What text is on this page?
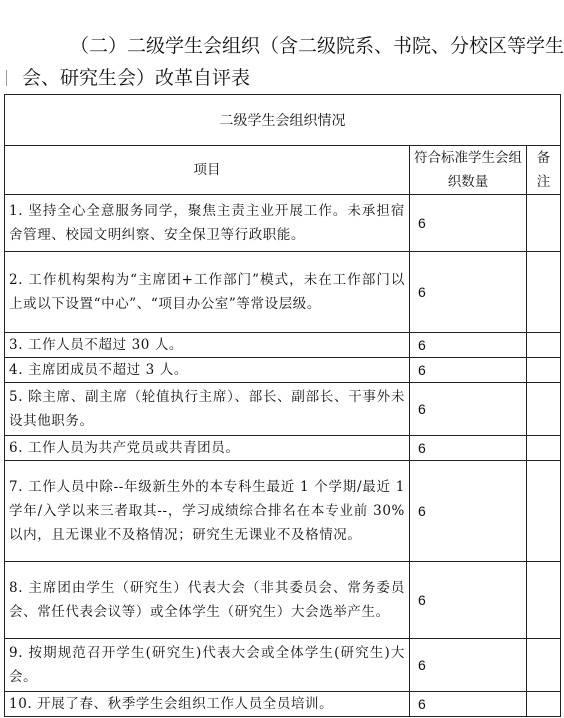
（二）二级学生会组织（含二级院系、书院、分校区等学生
会、研究生会）改革自评表
二级学生会组织情况		
项目	符合标准学生会组织数量	备注
1. 坚持全心全意服务同学，聚焦主责主业开展工作。未承担宿舍管理、校园文明纠察、安全保卫等行政职能。	6	
2. 工作机构架构为“主席团+工作部门”模式，未在工作部门以上或以下设置“中心”、“项目办公室”等常设层级。	6	
3. 工作人员不超过 30 人。	6	
4. 主席团成员不超过 3 人。	6	
5. 除主席、副主席（轮值执行主席）、部长、副部长、干事外未设其他职务。	6	
6. 工作人员为共产党员或共青团员。	6	
7. 工作人员中除--年级新生外的本专科生最近 1 个学期/最近 1 学年/入学以来三者取其--，学习成绩综合排名在本专业前 30%以内，且无课业不及格情况；研究生无课业不及格情况。	6	
8. 主席团由学生（研究生）代表大会（非其委员会、常务委员会、常任代表会议等）或全体学生（研究生）大会选举产生。	6	
9. 按期规范召开学生(研究生)代表大会或全体学生(研究生)大会。	6	
10. 开展了春、秋季学生会组织工作人员全员培训。	6	
